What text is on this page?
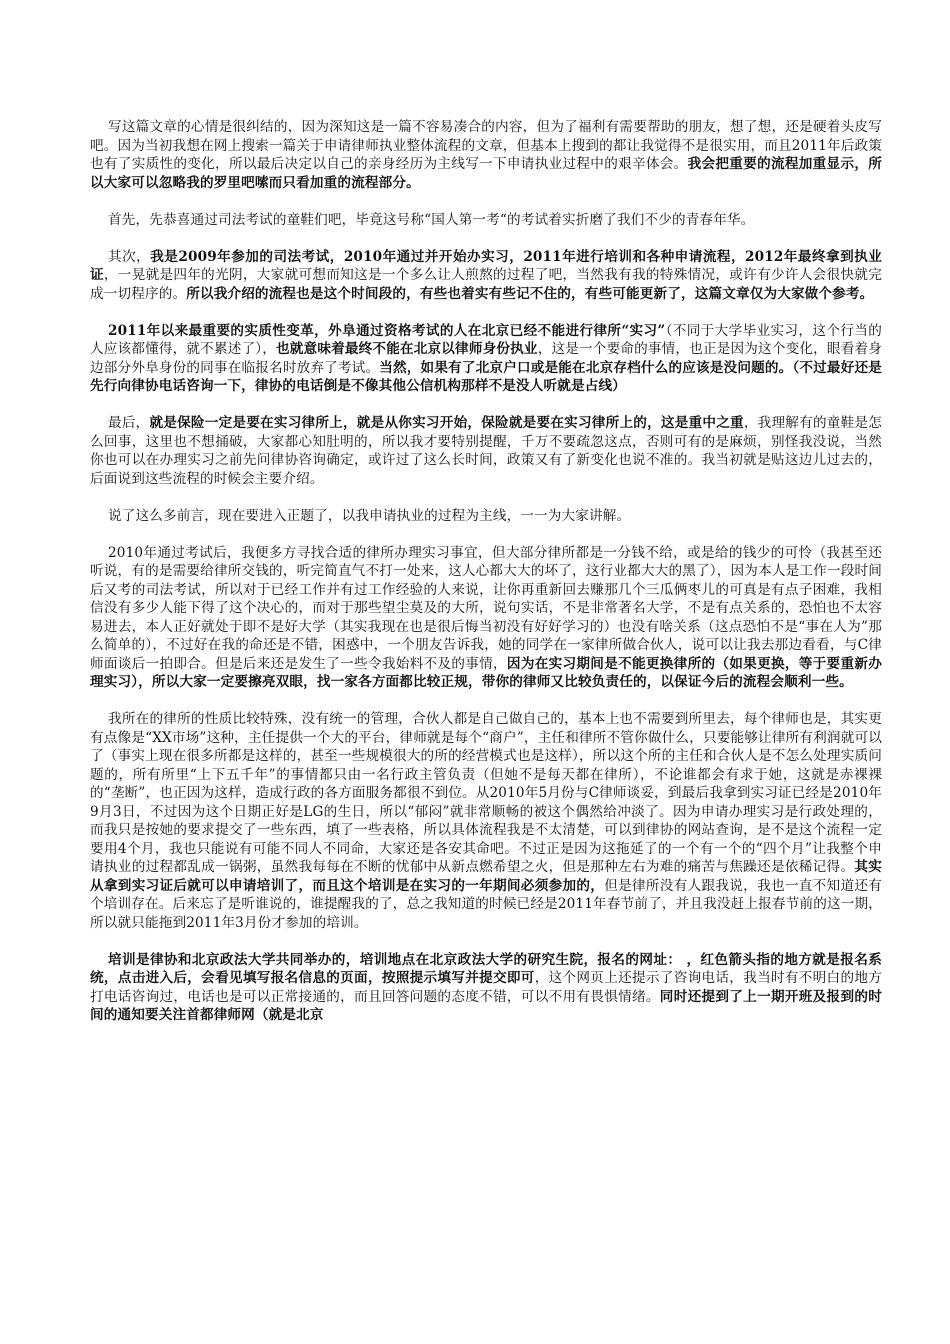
写这篇文章的心情是很纠结的，因为深知这是一篇不容易凑合的内容，但为了福利有需要帮助的朋友，想了想，还是硬着头皮写吧。因为当初我想在网上搜索一篇关于申请律师执业整体流程的文章，但基本上搜到的都让我觉得不是很实用，而且2011年后政策也有了实质性的变化，所以最后决定以自己的亲身经历为主线写一下申请执业过程中的艰辛体会。我会把重要的流程加重显示，所以大家可以忽略我的罗里吧嗦而只看加重的流程部分。

首先，先恭喜通过司法考试的童鞋们吧，毕竟这号称“国人第一考“的考试着实折磨了我们不少的青春年华。

其次，我是2009年参加的司法考试，2010年通过并开始办实习，2011年进行培训和各种申请流程，2012年最终拿到执业证，一晃就是四年的光阴，大家就可想而知这是一个多么让人煎熬的过程了吧，当然我有我的特殊情况，或许有少许人会很快就完成一切程序的。所以我介绍的流程也是这个时间段的，有些也着实有些记不住的，有些可能更新了，这篇文章仅为大家做个参考。

2011年以来最重要的实质性变革，外阜通过资格考试的人在北京已经不能进行律所“实习”（不同于大学毕业实习，这个行当的人应该都懂得，就不累述了），也就意味着最终不能在北京以律师身份执业，这是一个要命的事情，也正是因为这个变化，眼看着身边部分外阜身份的同事在临报名时放弃了考试。当然，如果有了北京户口或是能在北京存档什么的应该是没问题的。（不过最好还是先行向律协电话咨询一下，律协的电话倒是不像其他公信机构那样不是没人听就是占线）

最后，就是保险一定是要在实习律所上，就是从你实习开始，保险就是要在实习律所上的，这是重中之重，我理解有的童鞋是怎么回事，这里也不想捅破，大家都心知肚明的，所以我才要特别提醒，千万不要疏忽这点，否则可有的是麻烦，别怪我没说，当然你也可以在办理实习之前先问律协咨询确定，或许过了这么长时间，政策又有了新变化也说不准的。我当初就是贴这边儿过去的，后面说到这些流程的时候会主要介绍。

说了这么多前言，现在要进入正题了，以我申请执业的过程为主线，一一为大家讲解。

2010年通过考试后，我便多方寻找合适的律所办理实习事宜，但大部分律所都是一分钱不给，或是给的钱少的可怜（我甚至还听说，有的是需要给律所交钱的，听完简直气不打一处来，这人心都大大的坏了，这行业都大大的黑了），因为本人是工作一段时间后又考的司法考试，所以对于已经工作并有过工作经验的人来说，让你再重新回去赚那几个三瓜俩枣儿的可真是有点子困难，我相信没有多少人能下得了这个决心的，而对于那些望尘莫及的大所，说句实话，不是非常著名大学，不是有点关系的，恐怕也不太容易进去，本人正好就处于即不是好大学（其实我现在也是很后悔当初没有好好学习的）也没有啥关系（这点恐怕不是“事在人为”那么简单的），不过好在我的命还是不错，困惑中，一个朋友告诉我，她的同学在一家律所做合伙人，说可以让我去那边看看，与C律师面谈后一拍即合。但是后来还是发生了一些令我始料不及的事情，因为在实习期间是不能更换律所的（如果更换，等于要重新办理实习），所以大家一定要擦亮双眼，找一家各方面都比较正规，带你的律师又比较负责任的，以保证今后的流程会顺利一些。

我所在的律所的性质比较特殊，没有统一的管理，合伙人都是自己做自己的，基本上也不需要到所里去，每个律师也是，其实更有点像是“XX市场”这种，主任提供一个大的平台，律师就是每个“商户”，主任和律所不管你做什么，只要能够让律所有利润就可以了（事实上现在很多所都是这样的，甚至一些规模很大的所的经营模式也是这样），所以这个所的主任和合伙人是不怎么处理实质问题的，所有所里“上下五千年”的事情都只由一名行政主管负责（但她不是每天都在律所），不论谁都会有求于她，这就是赤裸裸的“垄断”，也正因为这样，造成行政的各方面服务都很不到位。从2010年5月份与C律师谈妥，到最后我拿到实习证已经是2010年9月3日，不过因为这个日期正好是LG的生日，所以“郁闷”就非常顺畅的被这个偶然给冲淡了。因为申请办理实习是行政处理的，而我只是按她的要求提交了一些东西，填了一些表格，所以具体流程我是不太清楚，可以到律协的网站查询，是不是这个流程一定要用4个月，我也只能说有可能不同人不同命，大家还是各安其命吧。不过正是因为这拖延了的一个有一个的“四个月”让我整个申请执业的过程都乱成一锅粥，虽然我每每在不断的忧郁中从新点燃希望之火，但是那种左右为难的痛苦与焦躁还是依稀记得。其实从拿到实习证后就可以申请培训了，而且这个培训是在实习的一年期间必须参加的，但是律所没有人跟我说，我也一直不知道还有个培训存在。后来忘了是听谁说的，谁提醒我的了，总之我知道的时候已经是2011年春节前了，并且我没赶上报春节前的这一期，所以就只能拖到2011年3月份才参加的培训。

培训是律协和北京政法大学共同举办的，培训地点在北京政法大学的研究生院，报名的网址： ，红色箭头指的地方就是报名系统，点击进入后，会看见填写报名信息的页面，按照提示填写并提交即可，这个网页上还提示了咨询电话，我当时有不明白的地方打电话咨询过，电话也是可以正常接通的，而且回答问题的态度不错，可以不用有畏惧情绪。同时还提到了上一期开班及报到的时间的通知要关注首都律师网（就是北京
